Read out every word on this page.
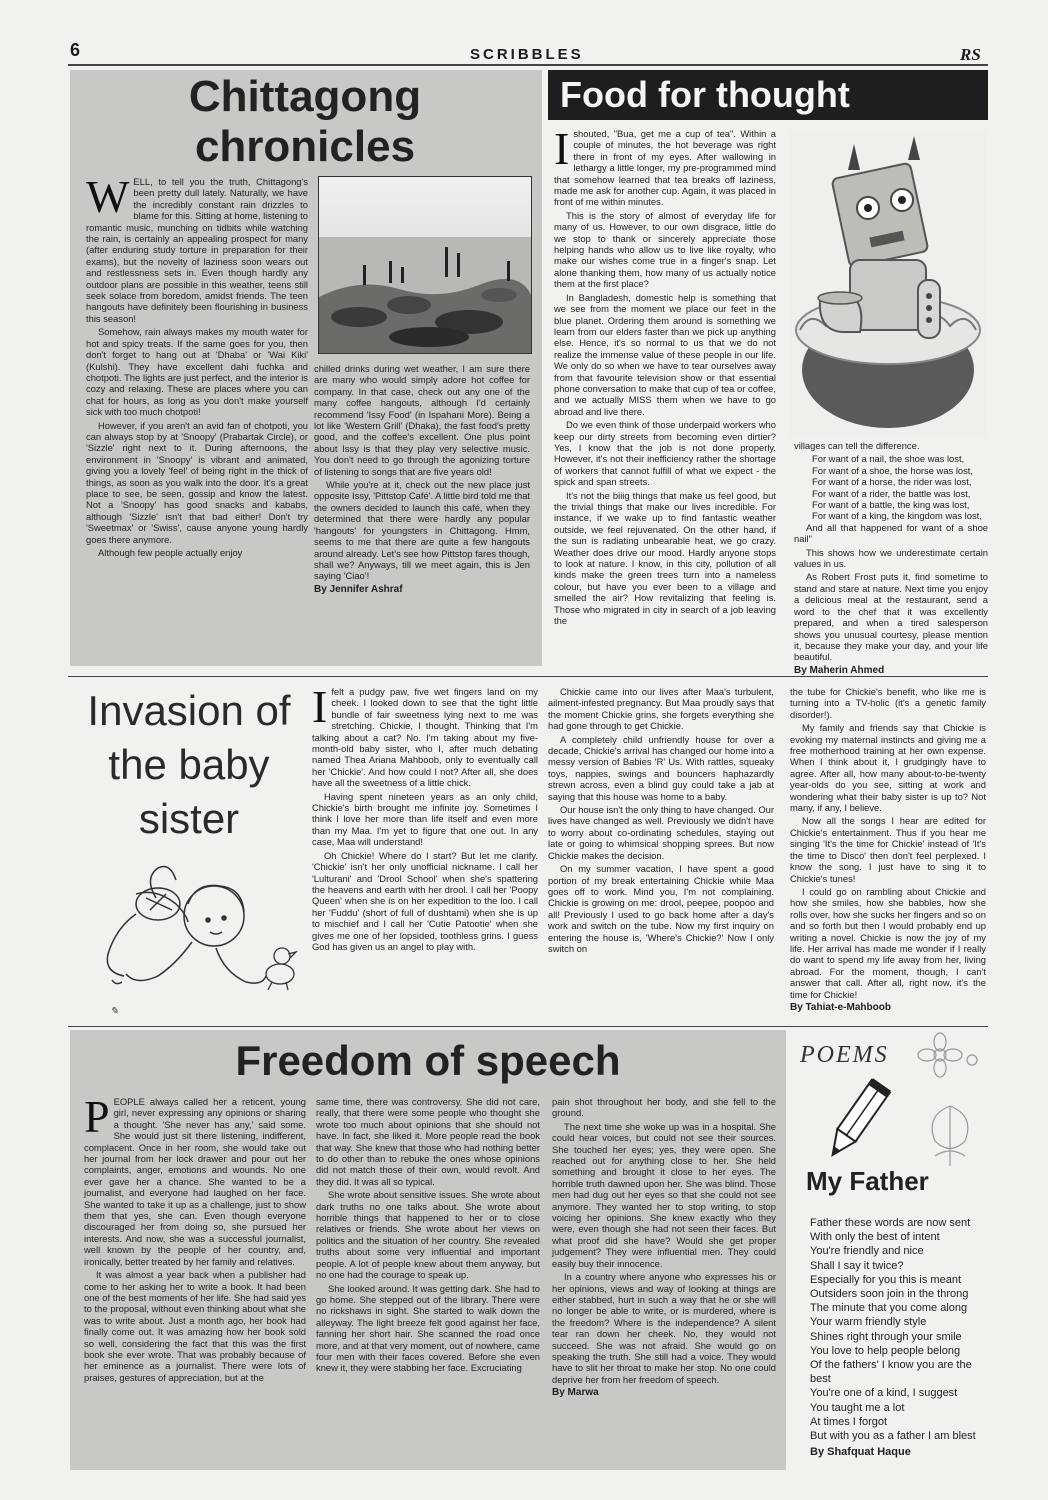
6	SCRIBBLES	RS
Chittagong
chronicles
W ELL, to tell you the truth, Chittagong's been pretty dull lately. Naturally, we have the incredibly constant rain drizzles to blame for this. Sitting at home, listening to romantic music, munching on tidbits while watching the rain, is certainly an appealing prospect for many (after enduring study torture in preparation for their exams), but the novelty of laziness soon wears out and restlessness sets in. Even though hardly any outdoor plans are possible in this weather, teens still seek solace from boredom, amidst friends. The teen hangouts have definitely been flourishing in business this season!

Somehow, rain always makes my mouth water for hot and spicy treats. If the same goes for you, then don't forget to hang out at 'Dhaba' or 'Wai Kiki' (Kulshi). They have excellent dahi fuchka and chotpoti. The lights are just perfect, and the interior is cozy and relaxing. These are places where you can chat for hours, as long as you don't make yourself sick with too much chotpoti!

However, if you aren't an avid fan of chotpoti, you can always stop by at 'Snoopy' (Prabartak Circle), or 'Sizzle' right next to it. During afternoons, the environment in 'Snoopy' is vibrant and animated, giving you a lovely 'feel' of being right in the thick of things, as soon as you walk into the door. It's a great place to see, be seen, gossip and know the latest. Not a 'Snoopy' has good snacks and kababs, although 'Sizzle' isn't that bad either! Don't try 'Sweetmax' or 'Swiss', cause anyone young hardly goes there anymore.

Although few people actually enjoy

chilled drinks during wet weather, I am sure there are many who would simply adore hot coffee for company. In that case, check out any one of the many coffee hangouts, although I'd certainly recommend 'Issy Food' (in Ispahani More). Being a lot like 'Western Grill' (Dhaka), the fast food's pretty good, and the coffee's excellent. One plus point about Issy is that they play very selective music. You don't need to go through the agonizing torture of listening to songs that are five years old!

While you're at it, check out the new place just opposite Issy, 'Pittstop Café'. A little bird told me that the owners decided to launch this café, when they determined that there were hardly any popular 'hangouts' for youngsters in Chittagong. Hmm, seems to me that there are quite a few hangouts around already. Let's see how Pittstop fares though, shall we? Anyways, till we meet again, this is Jen saying 'Ciao'!

By Jennifer Ashraf

Food for thought
I shouted, "Bua, get me a cup of tea". Within a couple of minutes, the hot beverage was right there in front of my eyes. After wallowing in lethargy a little longer, my pre-programmed mind that somehow learned that tea breaks off laziness, made me ask for another cup. Again, it was placed in front of me within minutes.

This is the story of almost of everyday life for many of us. However, to our own disgrace, little do we stop to thank or sincerely appreciate those helping hands who allow us to live like royalty, who make our wishes come true in a finger's snap. Let alone thanking them, how many of us actually notice them at the first place?

In Bangladesh, domestic help is something that we see from the moment we place our feet in the blue planet. Ordering them around is something we learn from our elders faster than we pick up anything else. Hence, it's so normal to us that we do not realize the immense value of these people in our life. We only do so when we have to tear ourselves away from that favourite television show or that essential phone conversation to make that cup of tea or coffee, and we actually MISS them when we have to go abroad and live there.

Do we even think of those underpaid workers who keep our dirty streets from becoming even dirtier? Yes, I know that the job is not done properly. However, it's not their inefficiency rather the shortage of workers that cannot fulfill of what we expect - the spick and span streets.

It's not the biiig things that make us feel good, but the trivial things that make our lives incredible. For instance, if we wake up to find fantastic weather outside, we feel rejuvenated. On the other hand, if the sun is radiating unbearable heat, we go crazy. Weather does drive our mood. Hardly anyone stops to look at nature. I know, in this city, pollution of all kinds make the green trees turn into a nameless colour, but have you ever been to a village and smelled the air? How revitalizing that feeling is. Those who migrated in city in search of a job leaving the

villages can tell the difference.

For want of a nail, the shoe was lost,
For want of a shoe, the horse was lost,
For want of a horse, the rider was lost,
For want of a rider, the battle was lost,
For want of a battle, the king was lost,
For want of a king, the kingdom was lost,

And all that happened for want of a shoe nail"

This shows how we underestimate certain values in us.

As Robert Frost puts it, find sometime to stand and stare at nature. Next time you enjoy a delicious meal at the restaurant, send a word to the chef that it was excellently prepared, and when a tired salesperson shows you unusual courtesy, please mention it, because they make your day, and your life beautiful.

By Maherin Ahmed

Invasion of
the baby
sister
✎
I felt a pudgy paw, five wet fingers land on my cheek. I looked down to see that the tight little bundle of fair sweetness lying next to me was stretching. Chickie, I thought. Thinking that I'm talking about a cat? No. I'm taking about my five-month-old baby sister, who I, after much debating named Thea Ariana Mahboob, only to eventually call her 'Chickie'. And how could I not? After all, she does have all the sweetness of a little chick.

Having spent nineteen years as an only child, Chickie's birth brought me infinite joy. Sometimes I think I love her more than life itself and even more than my Maa. I'm yet to figure that one out. In any case, Maa will understand!

Oh Chickie! Where do I start? But let me clarify. 'Chickie' isn't her only unofficial nickname. I call her 'Lulturani' and 'Drool School' when she's spattering the heavens and earth with her drool. I call her 'Poopy Queen' when she is on her expedition to the loo. I call her 'Fuddu' (short of full of dushtami) when she is up to mischief and I call her 'Cutie Patootie' when she gives me one of her lopsided, toothless grins. I guess God has given us an angel to play with.

Chickie came into our lives after Maa's turbulent, ailment-infested pregnancy. But Maa proudly says that the moment Chickie grins, she forgets everything she had gone through to get Chickie.

A completely child unfriendly house for over a decade, Chickie's arrival has changed our home into a messy version of Babies 'R' Us. With rattles, squeaky toys, nappies, swings and bouncers haphazardly strewn across, even a blind guy could take a jab at saying that this house was home to a baby.

Our house isn't the only thing to have changed. Our lives have changed as well. Previously we didn't have to worry about co-ordinating schedules, staying out late or going to whimsical shopping sprees. But now Chickie makes the decision.

On my summer vacation, I have spent a good portion of my break entertaining Chickie while Maa goes off to work. Mind you, I'm not complaining. Chickie is growing on me: drool, peepee, poopoo and all! Previously I used to go back home after a day's work and switch on the tube. Now my first inquiry on entering the house is, 'Where's Chickie?' Now I only switch on

the tube for Chickie's benefit, who like me is turning into a TV-holic (it's a genetic family disorder!).

My family and friends say that Chickie is evoking my maternal instincts and giving me a free motherhood training at her own expense. When I think about it, I grudgingly have to agree. After all, how many about-to-be-twenty year-olds do you see, sitting at work and wondering what their baby sister is up to? Not many, if any, I believe.

Now all the songs I hear are edited for Chickie's entertainment. Thus if you hear me singing 'It's the time for Chickie' instead of 'It's the time to Disco' then don't feel perplexed. I know the song. I just have to sing it to Chickie's tunes!

I could go on rambling about Chickie and how she smiles, how she babbles, how she rolls over, how she sucks her fingers and so on and so forth but then I would probably end up writing a novel. Chickie is now the joy of my life. Her arrival has made me wonder if I really do want to spend my life away from her, living abroad. For the moment, though, I can't answer that call. After all, right now, it's the time for Chickie!

By Tahiat-e-Mahboob

Freedom of speech
P EOPLE always called her a reticent, young girl, never expressing any opinions or sharing a thought. 'She never has any,' said some. She would just sit there listening, indifferent, complacent. Once in her room, she would take out her journal from her lock drawer and pour out her complaints, anger, emotions and wounds. No one ever gave her a chance. She wanted to be a journalist, and everyone had laughed on her face. She wanted to take it up as a challenge, just to show them that yes, she can. Even though everyone discouraged her from doing so, she pursued her interests. And now, she was a successful journalist, well known by the people of her country, and, ironically, better treated by her family and relatives.

It was almost a year back when a publisher had come to her asking her to write a book. It had been one of the best moments of her life. She had said yes to the proposal, without even thinking about what she was to write about. Just a month ago, her book had finally come out. It was amazing how her book sold so well, considering the fact that this was the first book she ever wrote. That was probably because of her eminence as a journalist. There were lots of praises, gestures of appreciation, but at the

same time, there was controversy. She did not care, really, that there were some people who thought she wrote too much about opinions that she should not have. In fact, she liked it. More people read the book that way. She knew that those who had nothing better to do other than to rebuke the ones whose opinions did not match those of their own, would revolt. And they did. It was all so typical.

She wrote about sensitive issues. She wrote about dark truths no one talks about. She wrote about horrible things that happened to her or to close relatives or friends. She wrote about her views on politics and the situation of her country. She revealed truths about some very influential and important people. A lot of people knew about them anyway, but no one had the courage to speak up.

She looked around. It was getting dark. She had to go home. She stepped out of the library. There were no rickshaws in sight. She started to walk down the alleyway. The light breeze felt good against her face, fanning her short hair. She scanned the road once more, and at that very moment, out of nowhere, came four men with their faces covered. Before she even knew it, they were stabbing her face. Excruciating

pain shot throughout her body, and she fell to the ground.

The next time she woke up was in a hospital. She could hear voices, but could not see their sources. She touched her eyes; yes, they were open. She reached out for anything close to her. She held something and brought it close to her eyes. The horrible truth dawned upon her. She was blind. Those men had dug out her eyes so that she could not see anymore. They wanted her to stop writing, to stop voicing her opinions. She knew exactly who they were, even though she had not seen their faces. But what proof did she have? Would she get proper judgement? They were influential men. They could easily buy their innocence.

In a country where anyone who expresses his or her opinions, views and way of looking at things are either stabbed, hurt in such a way that he or she will no longer be able to write, or is murdered, where is the freedom? Where is the independence? A silent tear ran down her cheek. No, they would not succeed. She was not afraid. She would go on speaking the truth. She still had a voice. They would have to slit her throat to make her stop. No one could deprive her from her freedom of speech.

By Marwa

POEMS
My Father
Father these words are now sent
With only the best of intent
You're friendly and nice
Shall I say it twice?
Especially for you this is meant
Outsiders soon join in the throng
The minute that you come along
Your warm friendly style
Shines right through your smile
You love to help people belong
Of the fathers' I know you are the
best
You're one of a kind, I suggest
You taught me a lot
At times I forgot
But with you as a father I am blest
By Shafquat Haque
